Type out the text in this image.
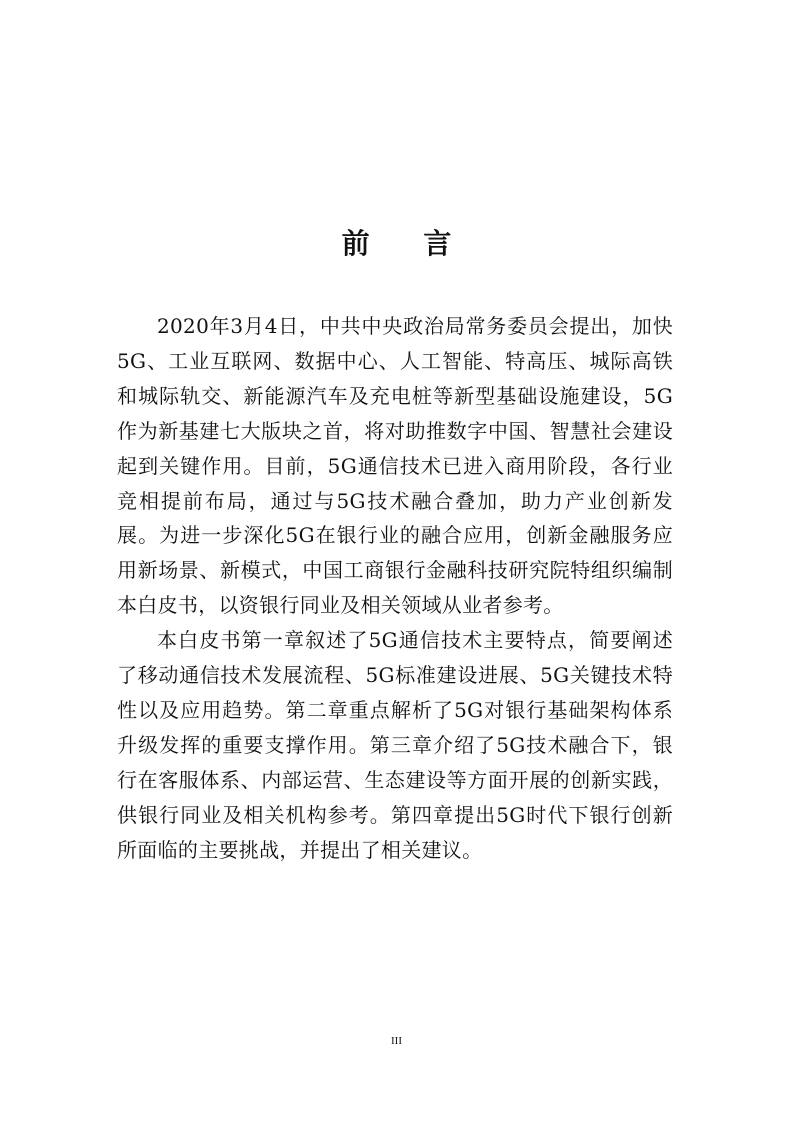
前 言

2020年3月4日，中共中央政治局常务委员会提出，加快5G、工业互联网、数据中心、人工智能、特高压、城际高铁和城际轨交、新能源汽车及充电桩等新型基础设施建设，5G作为新基建七大版块之首，将对助推数字中国、智慧社会建设起到关键作用。目前，5G通信技术已进入商用阶段，各行业竞相提前布局，通过与5G技术融合叠加，助力产业创新发展。为进一步深化5G在银行业的融合应用，创新金融服务应用新场景、新模式，中国工商银行金融科技研究院特组织编制本白皮书，以资银行同业及相关领域从业者参考。

本白皮书第一章叙述了5G通信技术主要特点，简要阐述了移动通信技术发展流程、5G标准建设进展、5G关键技术特性以及应用趋势。第二章重点解析了5G对银行基础架构体系升级发挥的重要支撑作用。第三章介绍了5G技术融合下，银行在客服体系、内部运营、生态建设等方面开展的创新实践，供银行同业及相关机构参考。第四章提出5G时代下银行创新所面临的主要挑战，并提出了相关建议。

III
